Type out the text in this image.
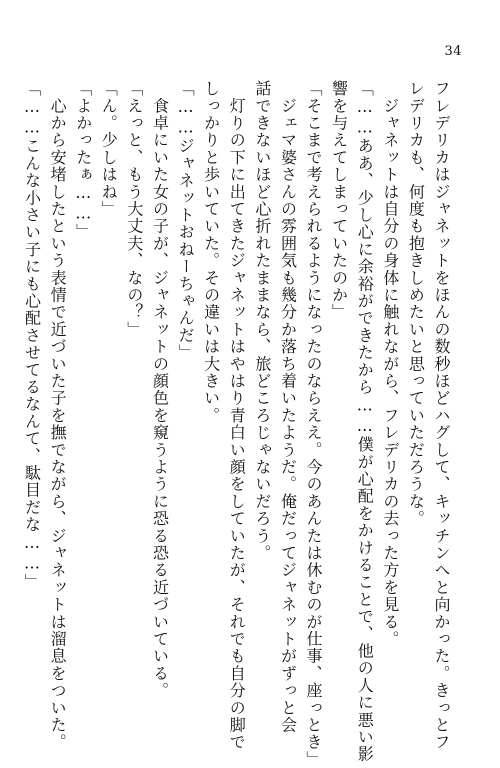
34
フレデリカはジャネットをほんの数秒ほどハグして、キッチンへと向かった。きっとフ
レデリカも、何度も抱きしめたいと思っていただろうな。
　ジャネットは自分の身体に触れながら、フレデリカの去った方を見る。
「……ああ、少し心に余裕ができたから……僕が心配をかけることで、他の人に悪い影
響を与えてしまっていたのか」
「そこまで考えられるようになったのならええ。今のあんたは休むのが仕事、座っとき」
　ジェマ婆さんの雰囲気も幾分か落ち着いたようだ。俺だってジャネットがずっと会
話できないほど心折れたままなら、旅どころじゃないだろう。
　灯りの下に出てきたジャネットはやはり青白い顔をしていたが、それでも自分の脚で
しっかりと歩いていた。その違いは大きい。
「……ジャネットおねーちゃんだ」
　食卓にいた女の子が、ジャネットの顔色を窺うように恐る恐る近づいている。
「えっと、もう大丈夫、なの？」
「ん。少しはね」
「よかったぁ……」
　心から安堵したという表情で近づいた子を撫でながら、ジャネットは溜息をついた。
「……こんな小さい子にも心配させてるなんて、駄目だな……」
